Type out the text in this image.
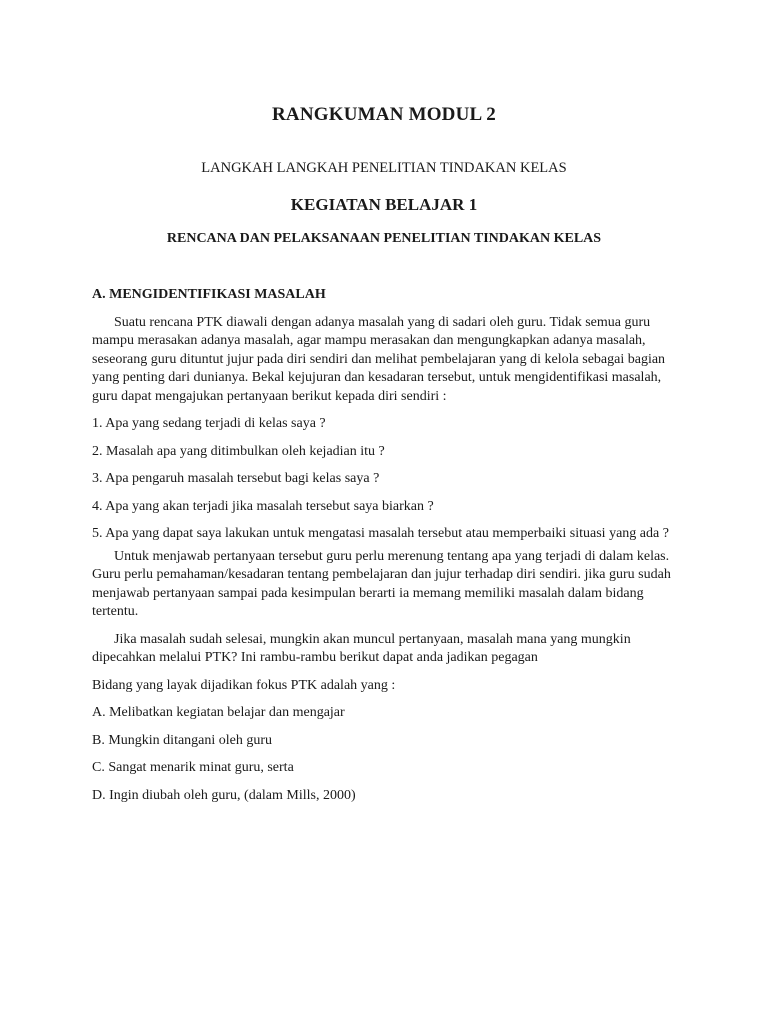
RANGKUMAN MODUL 2
LANGKAH LANGKAH PENELITIAN TINDAKAN KELAS
KEGIATAN BELAJAR 1
RENCANA DAN PELAKSANAAN PENELITIAN TINDAKAN KELAS

A. MENGIDENTIFIKASI MASALAH

Suatu rencana PTK diawali dengan adanya masalah yang di sadari oleh guru. Tidak semua guru mampu merasakan adanya masalah, agar mampu merasakan dan mengungkapkan adanya masalah, seseorang guru dituntut jujur pada diri sendiri dan melihat pembelajaran yang di kelola sebagai bagian yang penting dari dunianya. Bekal kejujuran dan kesadaran tersebut, untuk mengidentifikasi masalah, guru dapat mengajukan pertanyaan berikut kepada diri sendiri :

1. Apa yang sedang terjadi di kelas saya ?

2. Masalah apa yang ditimbulkan oleh kejadian itu ?

3. Apa pengaruh masalah tersebut bagi kelas saya ?

4. Apa yang akan terjadi jika masalah tersebut saya biarkan ?

5. Apa yang dapat saya lakukan untuk mengatasi masalah tersebut atau memperbaiki situasi yang ada ?

Untuk menjawab pertanyaan tersebut guru perlu merenung tentang apa yang terjadi di dalam kelas. Guru perlu pemahaman/kesadaran tentang pembelajaran dan jujur terhadap diri sendiri. jika guru sudah menjawab pertanyaan sampai pada kesimpulan berarti ia memang memiliki masalah dalam bidang tertentu.

Jika masalah sudah selesai, mungkin akan muncul pertanyaan, masalah mana yang mungkin dipecahkan melalui PTK? Ini rambu-rambu berikut dapat anda jadikan pegagan

Bidang yang layak dijadikan fokus PTK adalah yang :

A. Melibatkan kegiatan belajar dan mengajar

B. Mungkin ditangani oleh guru

C. Sangat menarik minat guru, serta

D. Ingin diubah oleh guru, (dalam Mills, 2000)
